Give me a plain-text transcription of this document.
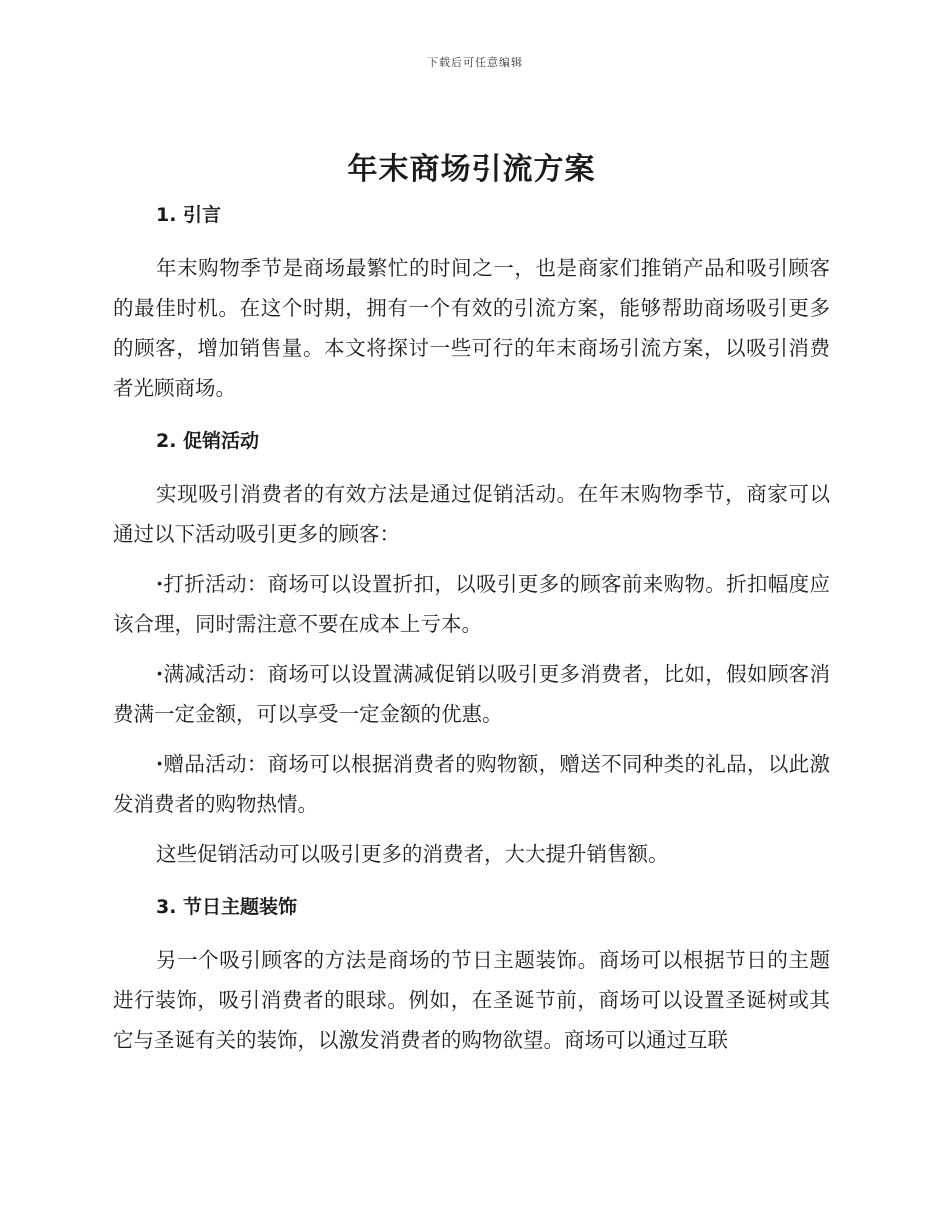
下载后可任意编辑
年末商场引流方案
1. 引言

年末购物季节是商场最繁忙的时间之一，也是商家们推销产品和吸引顾客的最佳时机。在这个时期，拥有一个有效的引流方案，能够帮助商场吸引更多的顾客，增加销售量。本文将探讨一些可行的年末商场引流方案，以吸引消费者光顾商场。

2. 促销活动

实现吸引消费者的有效方法是通过促销活动。在年末购物季节，商家可以通过以下活动吸引更多的顾客：

·打折活动：商场可以设置折扣，以吸引更多的顾客前来购物。折扣幅度应该合理，同时需注意不要在成本上亏本。

·满减活动：商场可以设置满减促销以吸引更多消费者，比如，假如顾客消费满一定金额，可以享受一定金额的优惠。

·赠品活动：商场可以根据消费者的购物额，赠送不同种类的礼品，以此激发消费者的购物热情。

这些促销活动可以吸引更多的消费者，大大提升销售额。

3. 节日主题装饰

另一个吸引顾客的方法是商场的节日主题装饰。商场可以根据节日的主题进行装饰，吸引消费者的眼球。例如，在圣诞节前，商场可以设置圣诞树或其它与圣诞有关的装饰，以激发消费者的购物欲望。商场可以通过互联
